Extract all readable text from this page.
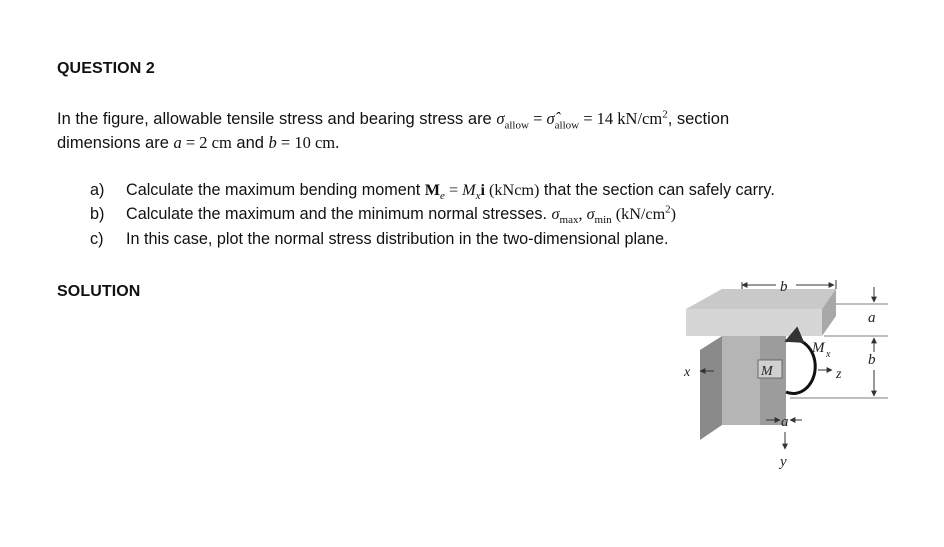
QUESTION 2
In the figure, allowable tensile stress and bearing stress are $\sigma_{allow}$ = $\sigmâ_{allow} = 14$ $kN/cm^2$, section
dimensions are a = 2 cm and b = 10 cm.
a) Calculate the maximum bending moment $M_e = M_xi$ (kNcm) that the section can safely carry.
b) Calculate the maximum and the minimum normal stresses. $\sigma_{max}$, $\sigma_{min}$ $(kN/cm^2)$
c) In this case, plot the normal stress distribution in the two-dimensional plane.
SOLUTION	b
a
b
M x
z
M
x
a
y
